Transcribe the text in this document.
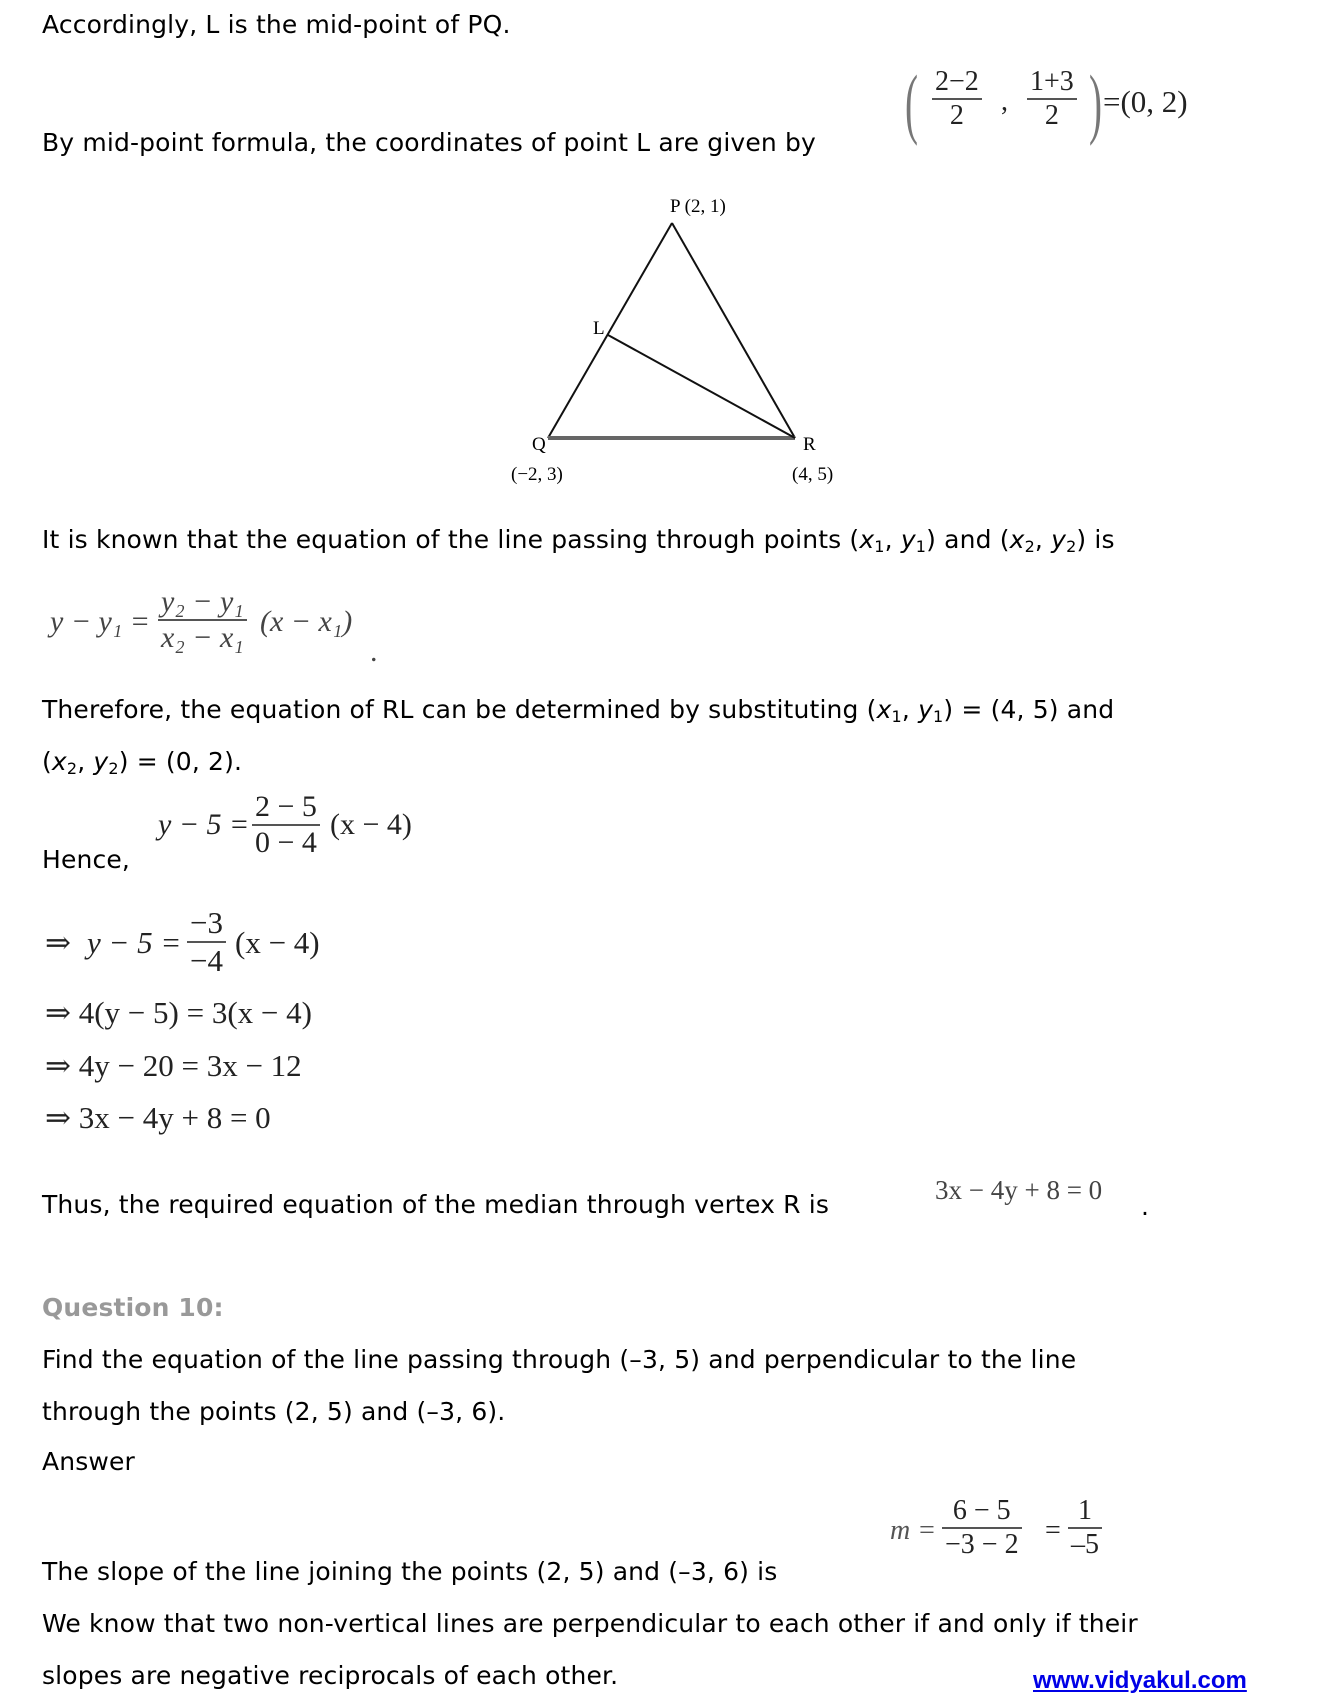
Accordingly, L is the mid-point of PQ.
By mid-point formula, the coordinates of point L are given by ( $\frac{2-2}{2}$ , $\frac{1+3}{2}$ ) =(0, 2)
P (2, 1)
L
Q
(−2, 3)
R
(4, 5)
It is known that the equation of the line passing through points ($x_1$, $y_1$) and ($x_2$, $y_2$) is
$y - y_1 = \frac{\text{y₂ − y₁}}{\text{x₂ − x₁}} (x - x_1)$
.
Therefore, the equation of RL can be determined by substituting ($x_1$, $y_1) = (4$, 5) and
($x_2$, $y_2) = (0$, 2).
Hence,
$y - 5 = \frac{2 - 5}{0 - 4} (x - 4)$
⇒ $y - 5 = \frac{-3}{-4} (x - 4)$
⇒ 4(y − 5) = 3(x − 4)
⇒ 4y − 20 = 3x − 12
⇒ 3x − 4y + 8 = 0
Thus, the required equation of the median through vertex R is	3x − 4y + 8 = 0
.
Question 10:
Find the equation of the line passing through (–3, 5) and perpendicular to the line
through the points (2, 5) and (–3, 6).
Answer
The slope of the line joining the points (2, 5) and (–3, 6) is
$m = \frac{6 - 5}{-3 - 2} = \frac{1}{-5}$
We know that two non-vertical lines are perpendicular to each other if and only if their
slopes are negative reciprocals of each other.	www.vidyakul.com
